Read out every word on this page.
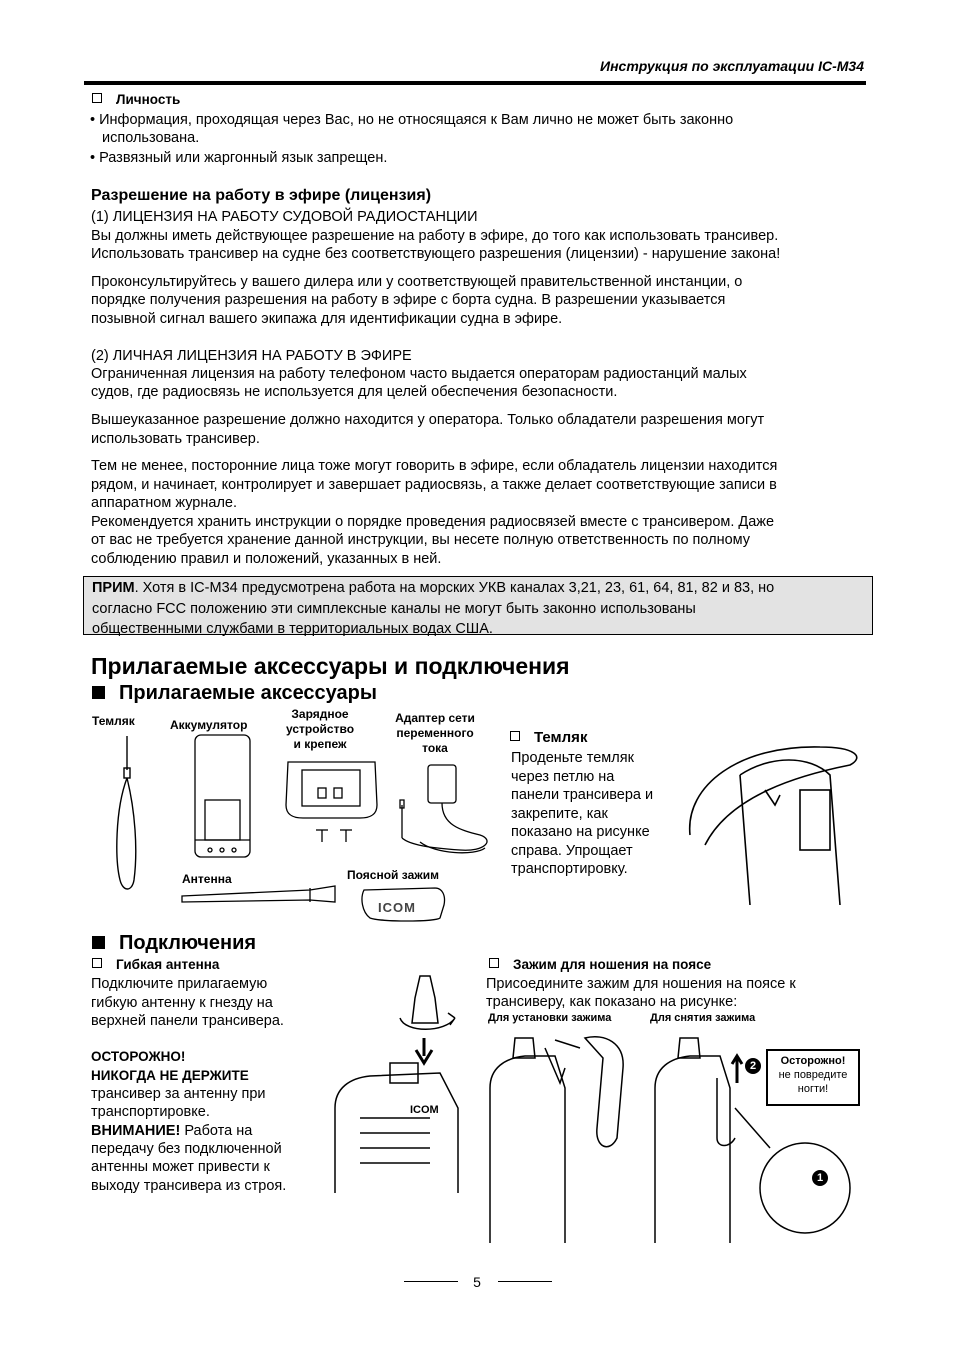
Инструкция по эксплуатации IC-M34
Личность
• Информация, проходящая через Вас, но не относящаяся к Вам лично не может быть законно
использована.
• Развязный или жаргонный язык запрещен.
Разрешение на работу в эфире (лицензия)
(1) ЛИЦЕНЗИЯ НА РАБОТУ СУДОВОЙ РАДИОСТАНЦИИ
Вы должны иметь действующее разрешение на работу в эфире, до того как использовать трансивер.
Использовать трансивер на судне без соответствующего разрешения (лицензии) - нарушение закона!
Проконсультируйтесь у вашего дилера или у соответствующей правительственной инстанции, о
порядке получения разрешения на работу в эфире с борта судна. В разрешении указывается
позывной сигнал вашего экипажа для идентификации судна в эфире.
(2) ЛИЧНАЯ ЛИЦЕНЗИЯ НА РАБОТУ В ЭФИРЕ
Ограниченная лицензия на работу телефоном часто выдается операторам радиостанций малых
судов, где радиосвязь не используется для целей обеспечения безопасности.
Вышеуказанное разрешение должно находится у оператора. Только обладатели разрешения могут
использовать трансивер.
Тем не менее, посторонние лица тоже могут говорить в эфире, если обладатель лицензии находится
рядом, и начинает, контролирует и завершает радиосвязь, а также делает соответствующие записи в
аппаратном журнале.
Рекомендуется хранить инструкции о порядке проведения радиосвязей вместе с трансивером. Даже
от вас не требуется хранение данной инструкции, вы несете полную ответственность по полному
соблюдению правил и положений, указанных в ней.

ПРИМ. Хотя в IC-M34 предусмотрена работа на морских УКВ каналах 3,21, 23, 61, 64, 81, 82 и 83, но

согласно FCC положению эти симплексные каналы не могут быть законно использованы

общественными службами в территориальных водах США.

Прилагаемые аксессуары и подключения
Прилагаемые аксессуары
Темляк	Аккумулятор
Зарядное
устройство
и крепеж
Адаптер сети
переменного
тока
Антенна	Поясной зажим
ICOM
Темляк
Проденьте темляк
через петлю на
панели трансивера и
закрепите, как
показано на рисунке
справа. Упрощает
транспортировку.
Подключения
Гибкая антенна
Подключите прилагаемую
гибкую антенну к гнезду на
верхней панели трансивера.
ОСТОРОЖНО!
НИКОГДА НЕ ДЕРЖИТЕ
трансивер за антенну при
транспортировке.
ВНИМАНИЕ! Работа на
передачу без подключенной
антенны может привести к
выходу трансивера из строя.
ICOM
Зажим для ношения на поясе
Присоедините зажим для ношения на поясе к
трансиверу, как показано на рисунке:
Для установки зажима	Для снятия зажима
Осторожно!
не повредите
ногти!
2
1
5
